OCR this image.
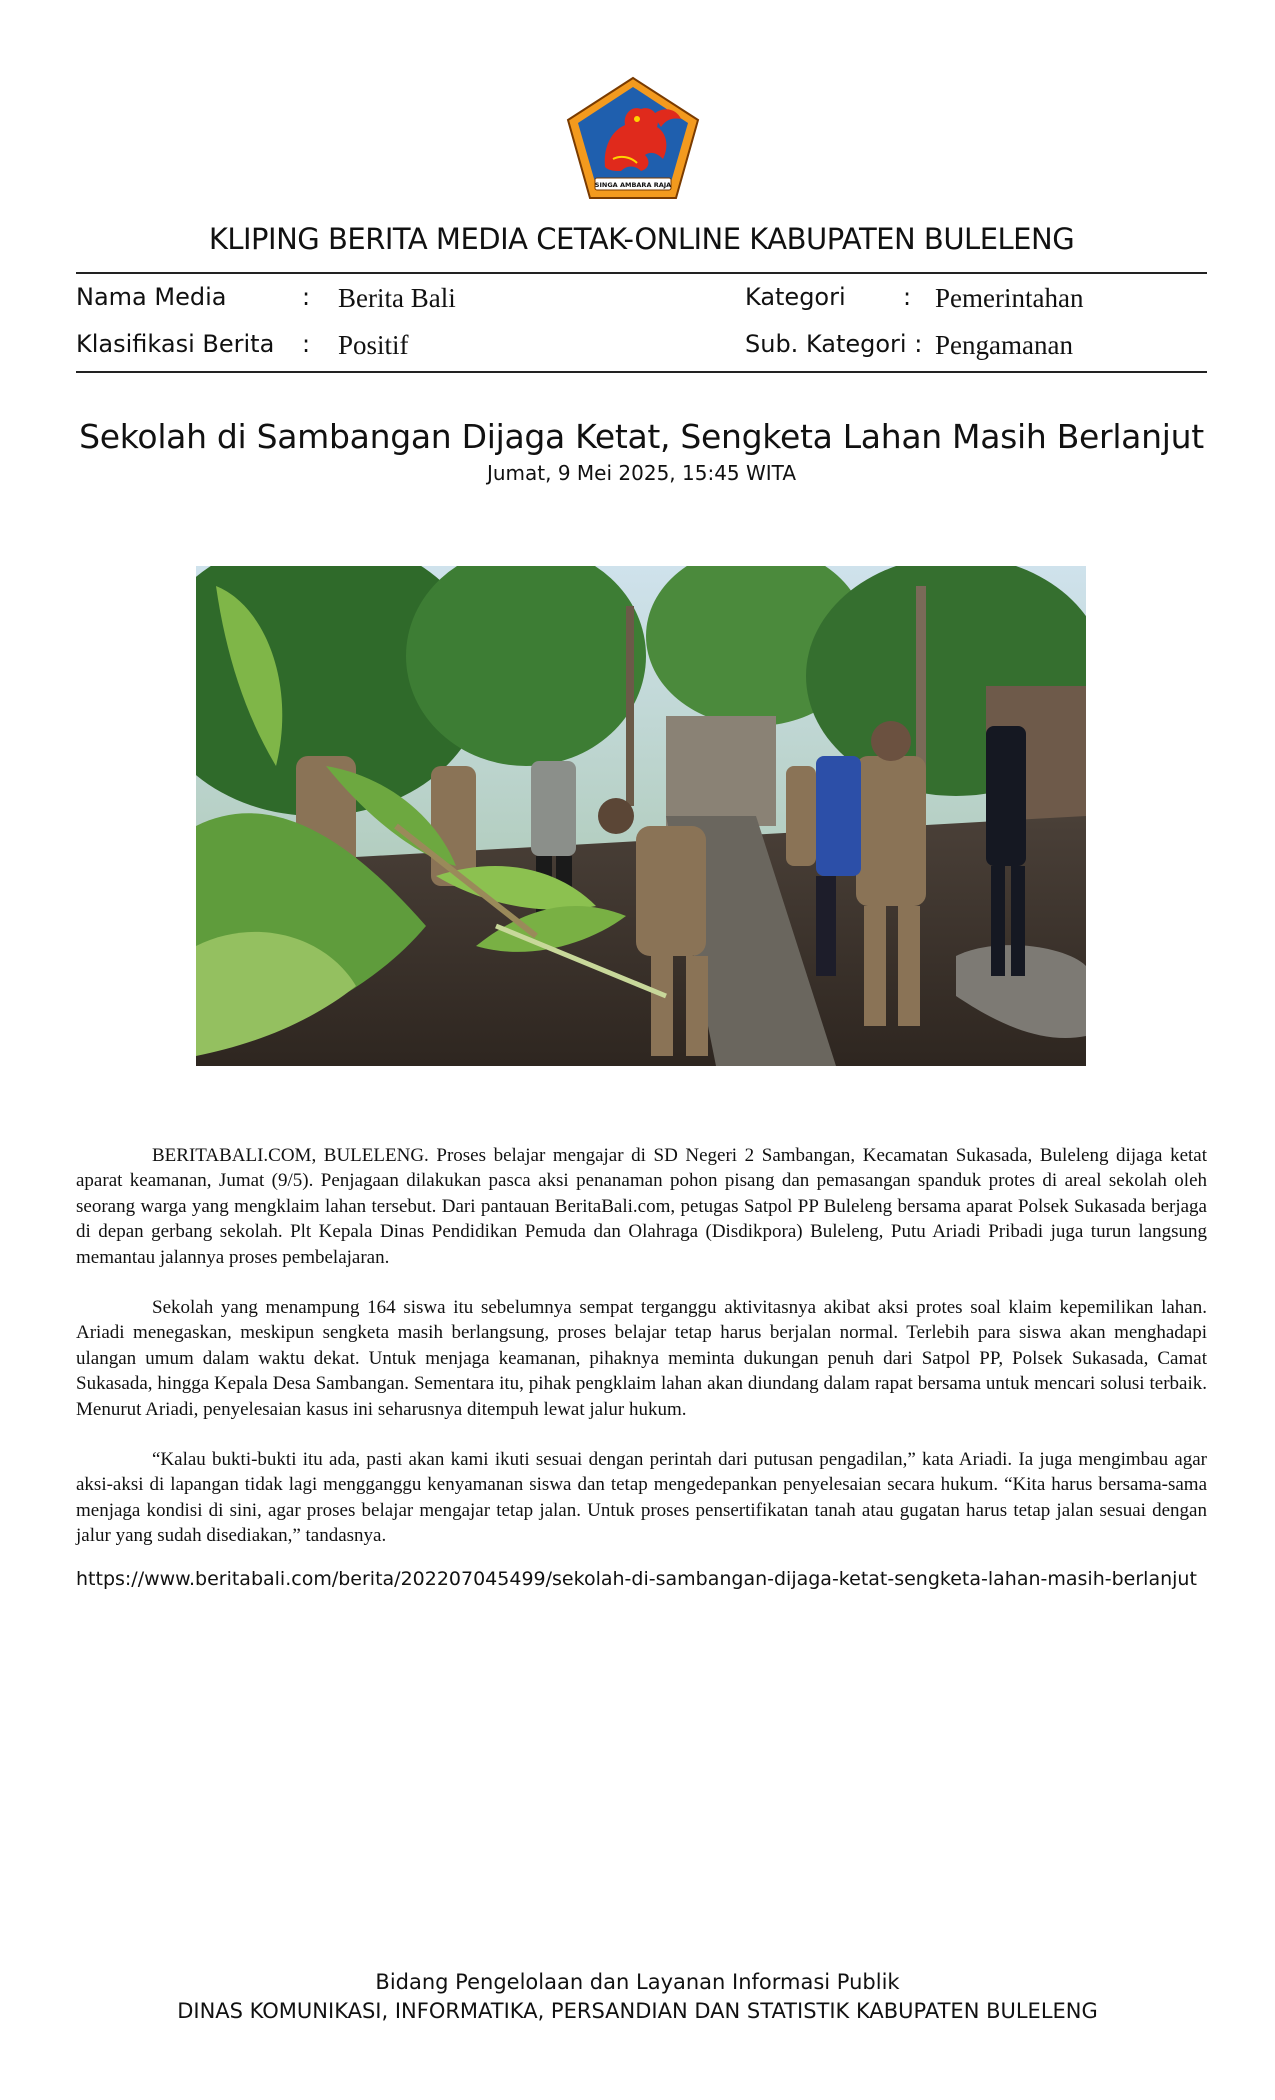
SINGA AMBARA RAJA
KLIPING BERITA MEDIA CETAK-ONLINE KABUPATEN BULELENG
Nama Media	: Berita Bali
Klasifikasi Berita : Positif
Kategori : Pemerintahan
Sub. Kategori : Pengamanan
Sekolah di Sambangan Dijaga Ketat, Sengketa Lahan Masih Berlanjut
Jumat, 9 Mei 2025, 15:45 WITA

BERITABALI.COM, BULELENG. Proses belajar mengajar di SD Negeri 2 Sambangan, Kecamatan Sukasada, Buleleng dijaga ketat aparat keamanan, Jumat (9/5). Penjagaan dilakukan pasca aksi penanaman pohon pisang dan pemasangan spanduk protes di areal sekolah oleh seorang warga yang mengklaim lahan tersebut. Dari pantauan BeritaBali.com, petugas Satpol PP Buleleng bersama aparat Polsek Sukasada berjaga di depan gerbang sekolah. Plt Kepala Dinas Pendidikan Pemuda dan Olahraga (Disdikpora) Buleleng, Putu Ariadi Pribadi juga turun langsung memantau jalannya proses pembelajaran.

Sekolah yang menampung 164 siswa itu sebelumnya sempat terganggu aktivitasnya akibat aksi protes soal klaim kepemilikan lahan. Ariadi menegaskan, meskipun sengketa masih berlangsung, proses belajar tetap harus berjalan normal. Terlebih para siswa akan menghadapi ulangan umum dalam waktu dekat. Untuk menjaga keamanan, pihaknya meminta dukungan penuh dari Satpol PP, Polsek Sukasada, Camat Sukasada, hingga Kepala Desa Sambangan. Sementara itu, pihak pengklaim lahan akan diundang dalam rapat bersama untuk mencari solusi terbaik. Menurut Ariadi, penyelesaian kasus ini seharusnya ditempuh lewat jalur hukum.

“Kalau bukti-bukti itu ada, pasti akan kami ikuti sesuai dengan perintah dari putusan pengadilan,” kata Ariadi. Ia juga mengimbau agar aksi-aksi di lapangan tidak lagi mengganggu kenyamanan siswa dan tetap mengedepankan penyelesaian secara hukum. “Kita harus bersama-sama menjaga kondisi di sini, agar proses belajar mengajar tetap jalan. Untuk proses pensertifikatan tanah atau gugatan harus tetap jalan sesuai dengan jalur yang sudah disediakan,” tandasnya.

https://www.beritabali.com/berita/202207045499/sekolah-di-sambangan-dijaga-ketat-sengketa-lahan-masih-berlanjut
Bidang Pengelolaan dan Layanan Informasi Publik
DINAS KOMUNIKASI, INFORMATIKA, PERSANDIAN DAN STATISTIK KABUPATEN BULELENG
